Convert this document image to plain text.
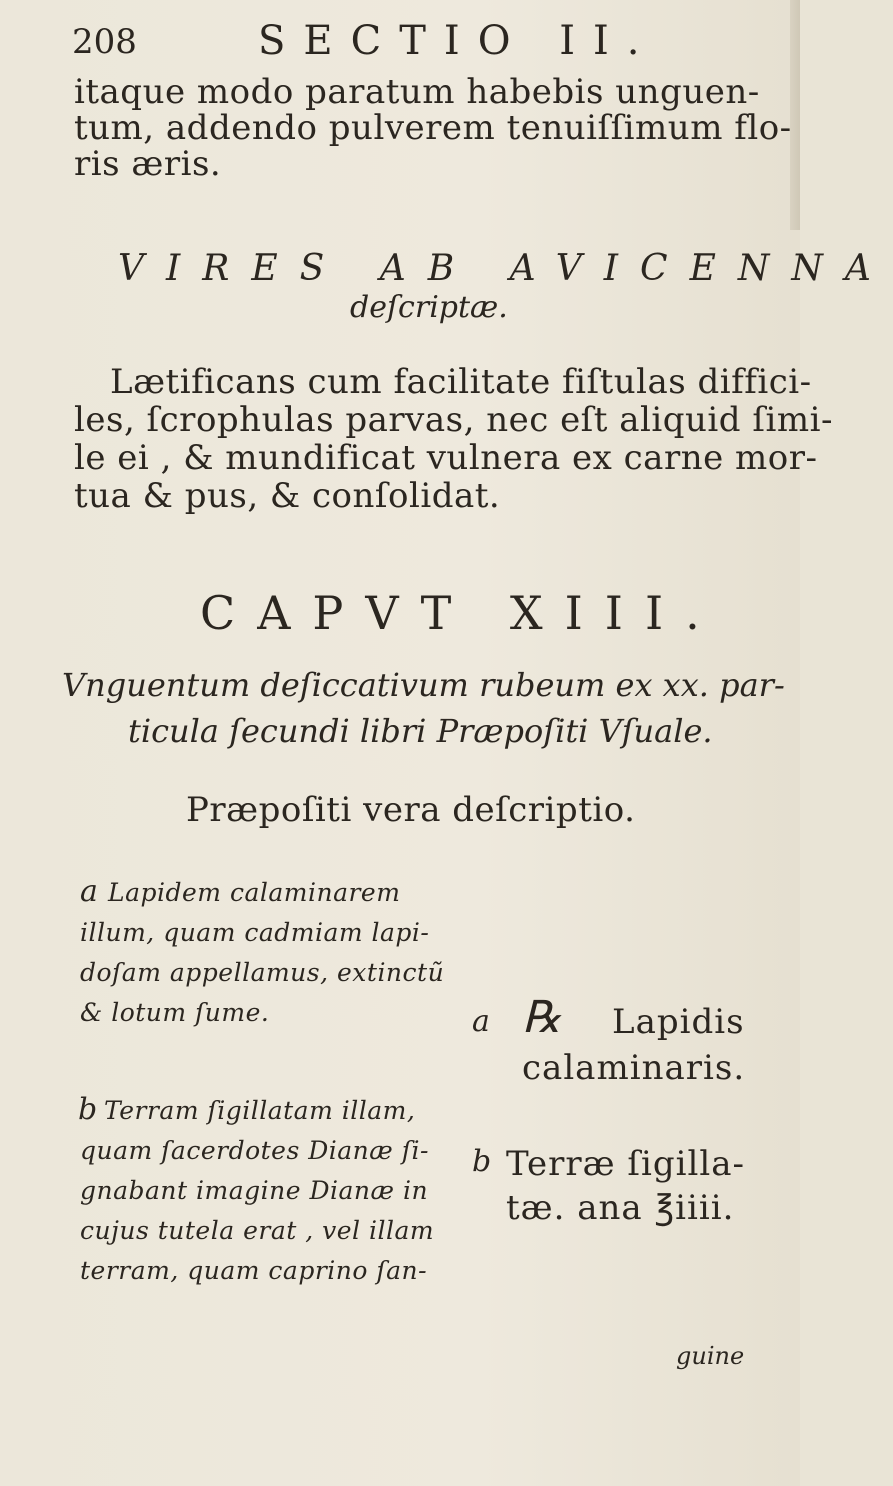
208	SECTIO II.
itaque modo paratum habebis unguen-
tum, addendo pulverem tenuiſſimum flo-
ris æris.
VIRES AB AVICENNA
deſcriptæ.
Lætificans cum facilitate fiſtulas diffici-
les, ſcrophulas parvas, nec eſt aliquid ſimi-
le ei , & mundificat vulnera ex carne mor-
tua & pus, & conſolidat.
CAPVT XIII.
Vnguentum deſiccativum rubeum ex xx. par-
ticula ſecundi libri Præpoſiti Vſuale.
Præpoſiti vera deſcriptio.
a Lapidem calaminarem
illum, quam cadmiam lapi-
doſam appellamus, extinctũ
& lotum ſume.
b Terram ſigillatam illam,
quam ſacerdotes Dianæ ſi-
gnabant imagine Dianæ in
cujus tutela erat , vel illam
terram, quam caprino ſan-
a ℞ Lapidis
calaminaris.
b Terræ ſigilla-
tæ. ana ℥iiii.
guine
